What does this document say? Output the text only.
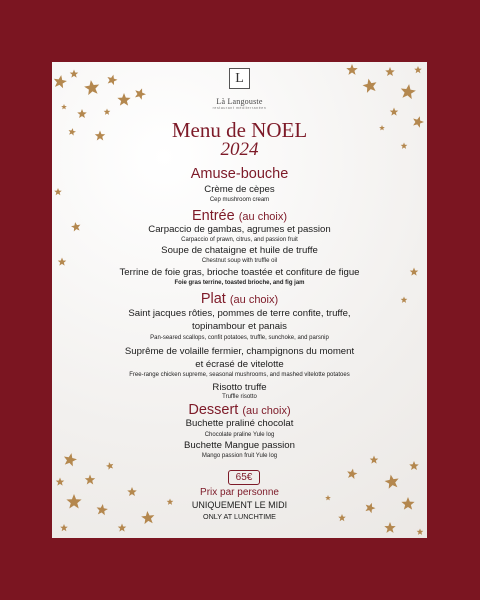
L
Là Langouste
restaurant méditerranéen
Menu de NOEL
2024
Amuse-bouche
Crème de cèpes
Cep mushroom cream
Entrée (au choix)
Carpaccio de gambas, agrumes et passion
Carpaccio of prawn, citrus, and passion fruit
Soupe de chataigne et huile de truffe
Chestnut soup with truffle oil
Terrine de foie gras, brioche toastée et confiture de figue
Foie gras terrine, toasted brioche, and fig jam
Plat (au choix)
Saint jacques rôties, pommes de terre confite, truffe,
topinambour et panais
Pan-seared scallops, confit potatoes, truffle, sunchoke, and parsnip
Suprême de volaille fermier, champignons du moment
et écrasé de vitelotte
Free-range chicken supreme, seasonal mushrooms, and mashed vitelotte potatoes
Risotto truffe
Truffle risotto
Dessert (au choix)
Buchette praliné chocolat
Chocolate praline Yule log
Buchette Mangue passion
Mango passion fruit Yule log
65€
Prix par personne
UNIQUEMENT LE MIDI
ONLY AT LUNCHTIME
